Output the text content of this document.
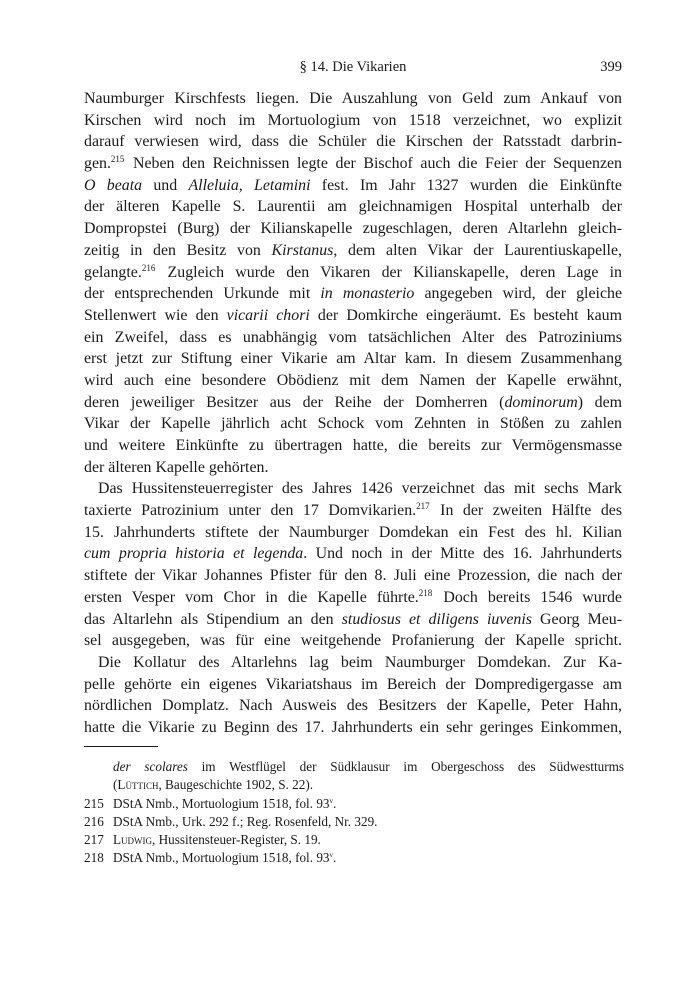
§ 14. Die Vikarien	399
Naumburger Kirschfests liegen. Die Auszahlung von Geld zum Ankauf von
Kirschen wird noch im Mortuologium von 1518 verzeichnet, wo explizit
darauf verwiesen wird, dass die Schüler die Kirschen der Ratsstadt darbrin-
gen.$^{215}$ Neben den Reichnissen legte der Bischof auch die Feier der Sequenzen
O beata und Alleluia, Letamini fest. Im Jahr 1327 wurden die Einkünfte
der älteren Kapelle S. Laurentii am gleichnamigen Hospital unterhalb der
Dompropstei (Burg) der Kilianskapelle zugeschlagen, deren Altarlehn gleich-
zeitig in den Besitz von Kirstanus, dem alten Vikar der Laurentiuskapelle,
gelangte.$^{216}$ Zugleich wurde den Vikaren der Kilianskapelle, deren Lage in
der entsprechenden Urkunde mit in monasterio angegeben wird, der gleiche
Stellenwert wie den vicarii chori der Domkirche eingeräumt. Es besteht kaum
ein Zweifel, dass es unabhängig vom tatsächlichen Alter des Patroziniums
erst jetzt zur Stiftung einer Vikarie am Altar kam. In diesem Zusammenhang
wird auch eine besondere Obödienz mit dem Namen der Kapelle erwähnt,
deren jeweiliger Besitzer aus der Reihe der Domherren (dominorum) dem
Vikar der Kapelle jährlich acht Schock vom Zehnten in Stößen zu zahlen
und weitere Einkünfte zu übertragen hatte, die bereits zur Vermögensmasse
der älteren Kapelle gehörten.
Das Hussitensteuerregister des Jahres 1426 verzeichnet das mit sechs Mark
taxierte Patrozinium unter den 17 Domvikarien.$^{217}$ In der zweiten Hälfte des
15. Jahrhunderts stiftete der Naumburger Domdekan ein Fest des hl. Kilian
cum propria historia et legenda. Und noch in der Mitte des 16. Jahrhunderts
stiftete der Vikar Johannes Pfister für den 8. Juli eine Prozession, die nach der
ersten Vesper vom Chor in die Kapelle führte.$^{218}$ Doch bereits 1546 wurde
das Altarlehn als Stipendium an den studiosus et diligens iuvenis Georg Meu-
sel ausgegeben, was für eine weitgehende Profanierung der Kapelle spricht.
Die Kollatur des Altarlehns lag beim Naumburger Domdekan. Zur Ka-
pelle gehörte ein eigenes Vikariatshaus im Bereich der Dompredigergasse am
nördlichen Domplatz. Nach Ausweis des Besitzers der Kapelle, Peter Hahn,
hatte die Vikarie zu Beginn des 17. Jahrhunderts ein sehr geringes Einkommen,
der scolares im Westflügel der Südklausur im Obergeschoss des Südwestturms
(Lüttich, Baugeschichte 1902, S. 22).
215 DStA Nmb., Mortuologium 1518, fol. 93$^v$.
216 DStA Nmb., Urk. 292 f.; Reg. Rosenfeld, Nr. 329.
217 Ludwig, Hussitensteuer-Register, S. 19.
218 DStA Nmb., Mortuologium 1518, fol. 93$^v$.
